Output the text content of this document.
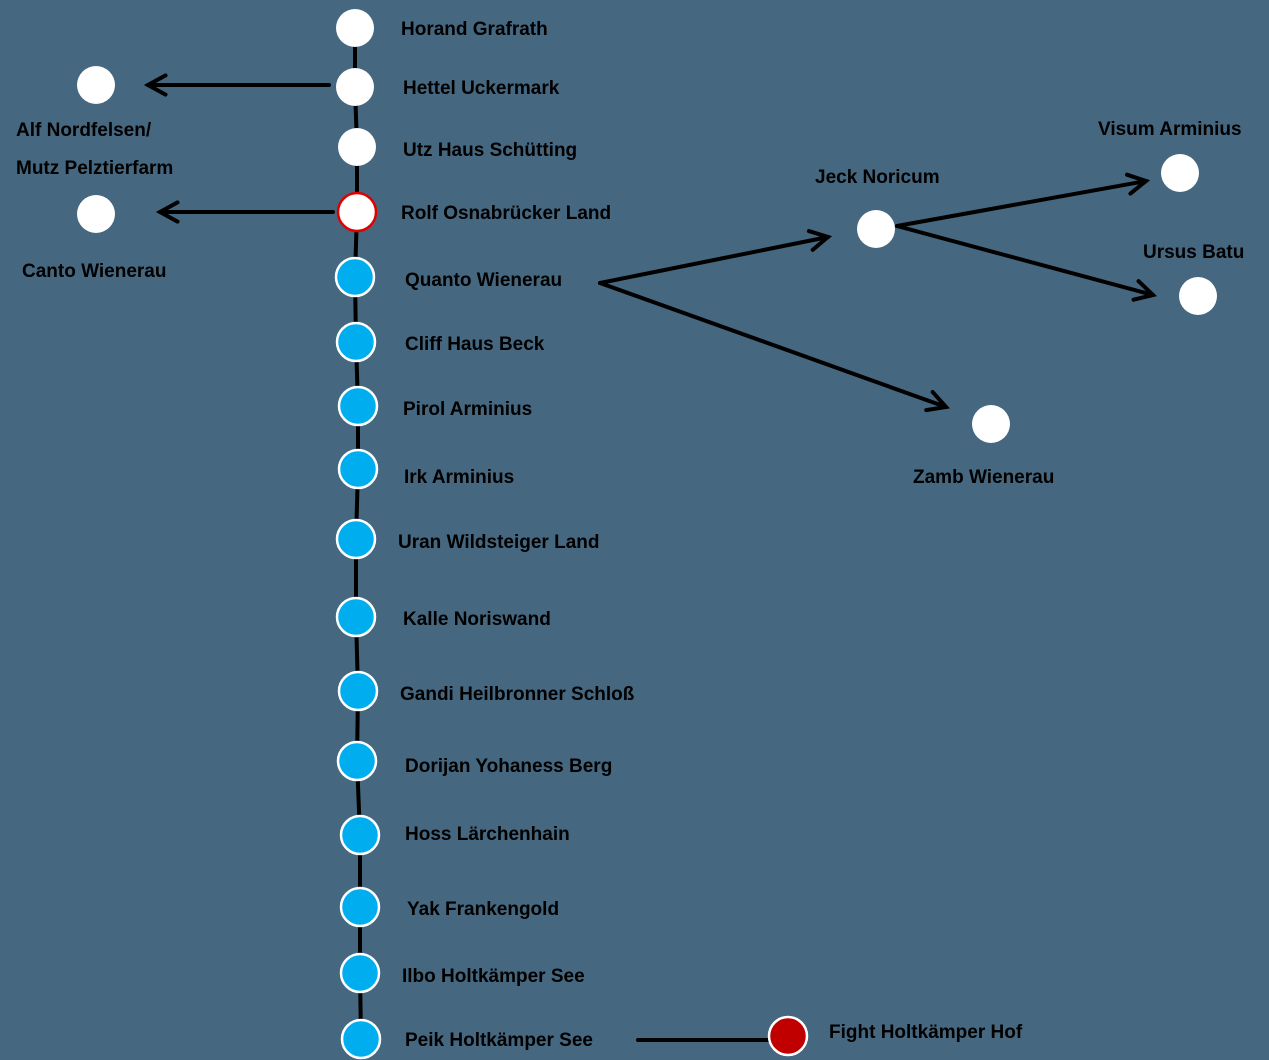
Horand Grafrath
Hettel Uckermark
Utz Haus Schütting
Rolf Osnabrücker Land
Quanto Wienerau
Cliff Haus Beck
Pirol Arminius
Irk Arminius
Uran Wildsteiger Land
Kalle Noriswand
Gandi Heilbronner Schloß
Dorijan Yohaness Berg
Hoss Lärchenhain
Yak Frankengold
Ilbo Holtkämper See
Peik Holtkämper See
Alf Nordfelsen/
Mutz Pelztierfarm
Canto Wienerau
Jeck Noricum
Visum Arminius
Ursus Batu
Zamb Wienerau
Fight Holtkämper Hof
